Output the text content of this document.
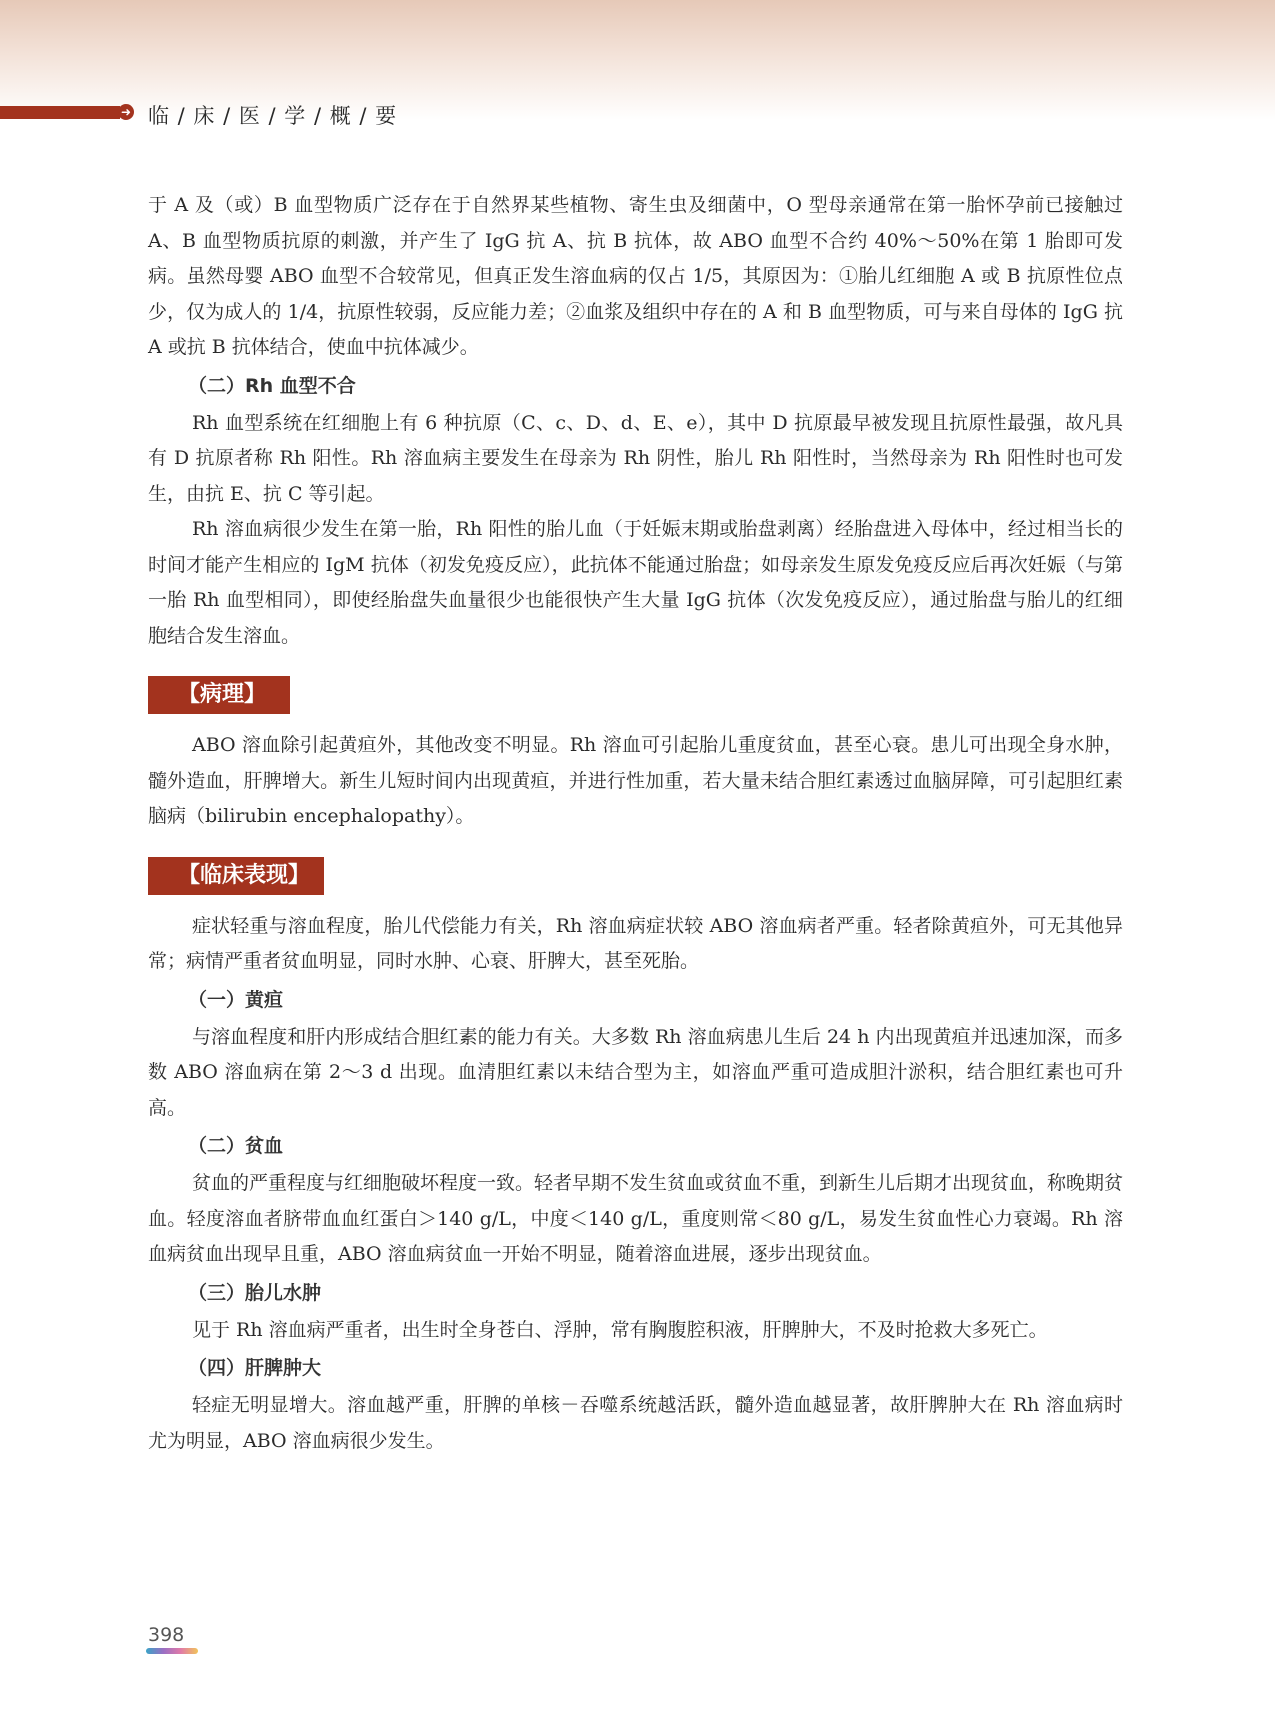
➜ 临 / 床 / 医 / 学 / 概 / 要

于 A 及（或）B 血型物质广泛存在于自然界某些植物、寄生虫及细菌中，O 型母亲通常在第一胎怀孕前已接触过 A、B 血型物质抗原的刺激，并产生了 IgG 抗 A、抗 B 抗体，故 ABO 血型不合约 40%～50%在第 1 胎即可发病。虽然母婴 ABO 血型不合较常见，但真正发生溶血病的仅占 1/5，其原因为：①胎儿红细胞 A 或 B 抗原性位点少，仅为成人的 1/4，抗原性较弱，反应能力差；②血浆及组织中存在的 A 和 B 血型物质，可与来自母体的 IgG 抗 A 或抗 B 抗体结合，使血中抗体减少。

（二）Rh 血型不合

Rh 血型系统在红细胞上有 6 种抗原（C、c、D、d、E、e），其中 D 抗原最早被发现且抗原性最强，故凡具有 D 抗原者称 Rh 阳性。Rh 溶血病主要发生在母亲为 Rh 阴性，胎儿 Rh 阳性时，当然母亲为 Rh 阳性时也可发生，由抗 E、抗 C 等引起。

Rh 溶血病很少发生在第一胎，Rh 阳性的胎儿血（于妊娠末期或胎盘剥离）经胎盘进入母体中，经过相当长的时间才能产生相应的 IgM 抗体（初发免疫反应），此抗体不能通过胎盘；如母亲发生原发免疫反应后再次妊娠（与第一胎 Rh 血型相同），即使经胎盘失血量很少也能很快产生大量 IgG 抗体（次发免疫反应），通过胎盘与胎儿的红细胞结合发生溶血。

【病理】

ABO 溶血除引起黄疸外，其他改变不明显。Rh 溶血可引起胎儿重度贫血，甚至心衰。患儿可出现全身水肿，髓外造血，肝脾增大。新生儿短时间内出现黄疸，并进行性加重，若大量未结合胆红素透过血脑屏障，可引起胆红素脑病（bilirubin encephalopathy）。

【临床表现】

症状轻重与溶血程度，胎儿代偿能力有关，Rh 溶血病症状较 ABO 溶血病者严重。轻者除黄疸外，可无其他异常；病情严重者贫血明显，同时水肿、心衰、肝脾大，甚至死胎。

（一）黄疸

与溶血程度和肝内形成结合胆红素的能力有关。大多数 Rh 溶血病患儿生后 24 h 内出现黄疸并迅速加深，而多数 ABO 溶血病在第 2～3 d 出现。血清胆红素以未结合型为主，如溶血严重可造成胆汁淤积，结合胆红素也可升高。

（二）贫血

贫血的严重程度与红细胞破坏程度一致。轻者早期不发生贫血或贫血不重，到新生儿后期才出现贫血，称晚期贫血。轻度溶血者脐带血血红蛋白＞140 g/L，中度＜140 g/L，重度则常＜80 g/L，易发生贫血性心力衰竭。Rh 溶血病贫血出现早且重，ABO 溶血病贫血一开始不明显，随着溶血进展，逐步出现贫血。

（三）胎儿水肿

见于 Rh 溶血病严重者，出生时全身苍白、浮肿，常有胸腹腔积液，肝脾肿大，不及时抢救大多死亡。

（四）肝脾肿大

轻症无明显增大。溶血越严重，肝脾的单核－吞噬系统越活跃，髓外造血越显著，故肝脾肿大在 Rh 溶血病时尤为明显，ABO 溶血病很少发生。

398
